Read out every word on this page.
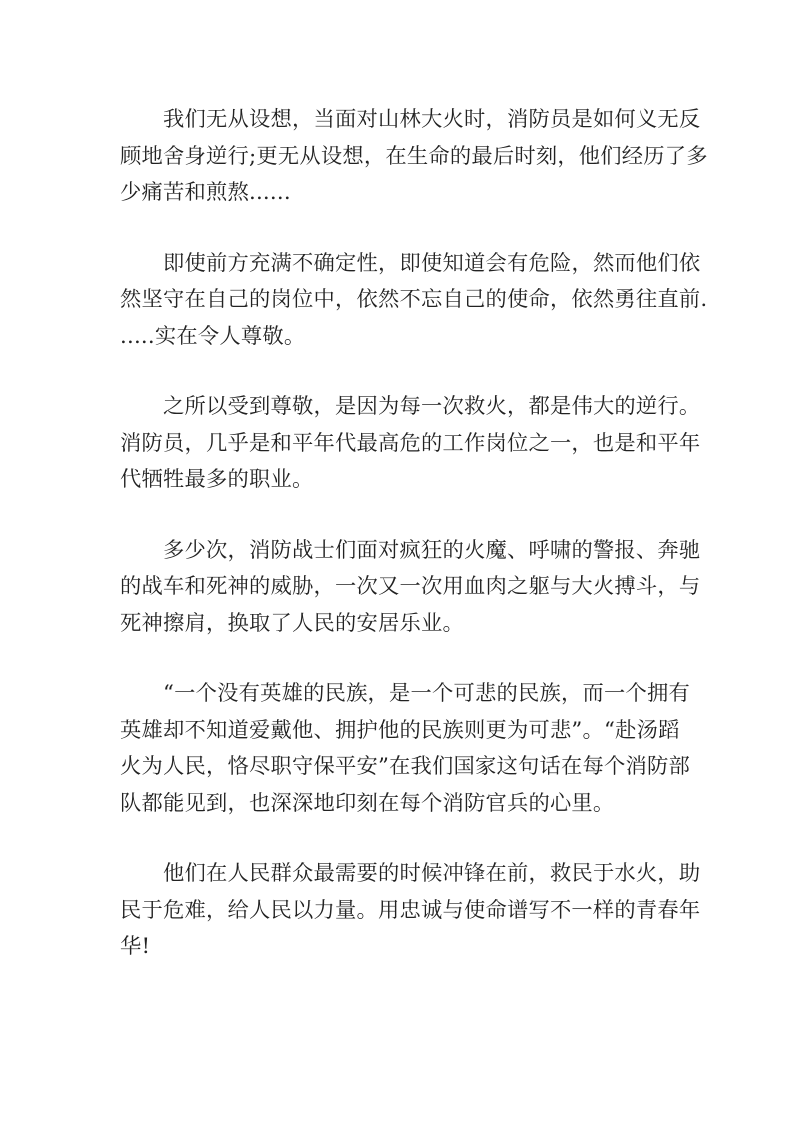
我们无从设想，当面对山林大火时，消防员是如何义无反
顾地舍身逆行;更无从设想，在生命的最后时刻，他们经历了多
少痛苦和煎熬......
即使前方充满不确定性，即使知道会有危险，然而他们依
然坚守在自己的岗位中，依然不忘自己的使命，依然勇往直前.
.....实在令人尊敬。
之所以受到尊敬，是因为每一次救火，都是伟大的逆行。
消防员，几乎是和平年代最高危的工作岗位之一，也是和平年
代牺牲最多的职业。
多少次，消防战士们面对疯狂的火魔、呼啸的警报、奔驰
的战车和死神的威胁，一次又一次用血肉之躯与大火搏斗，与
死神擦肩，换取了人民的安居乐业。
“一个没有英雄的民族，是一个可悲的民族，而一个拥有
英雄却不知道爱戴他、拥护他的民族则更为可悲”。“赴汤蹈
火为人民，恪尽职守保平安”在我们国家这句话在每个消防部
队都能见到，也深深地印刻在每个消防官兵的心里。
他们在人民群众最需要的时候冲锋在前，救民于水火，助
民于危难，给人民以力量。用忠诚与使命谱写不一样的青春年
华!
